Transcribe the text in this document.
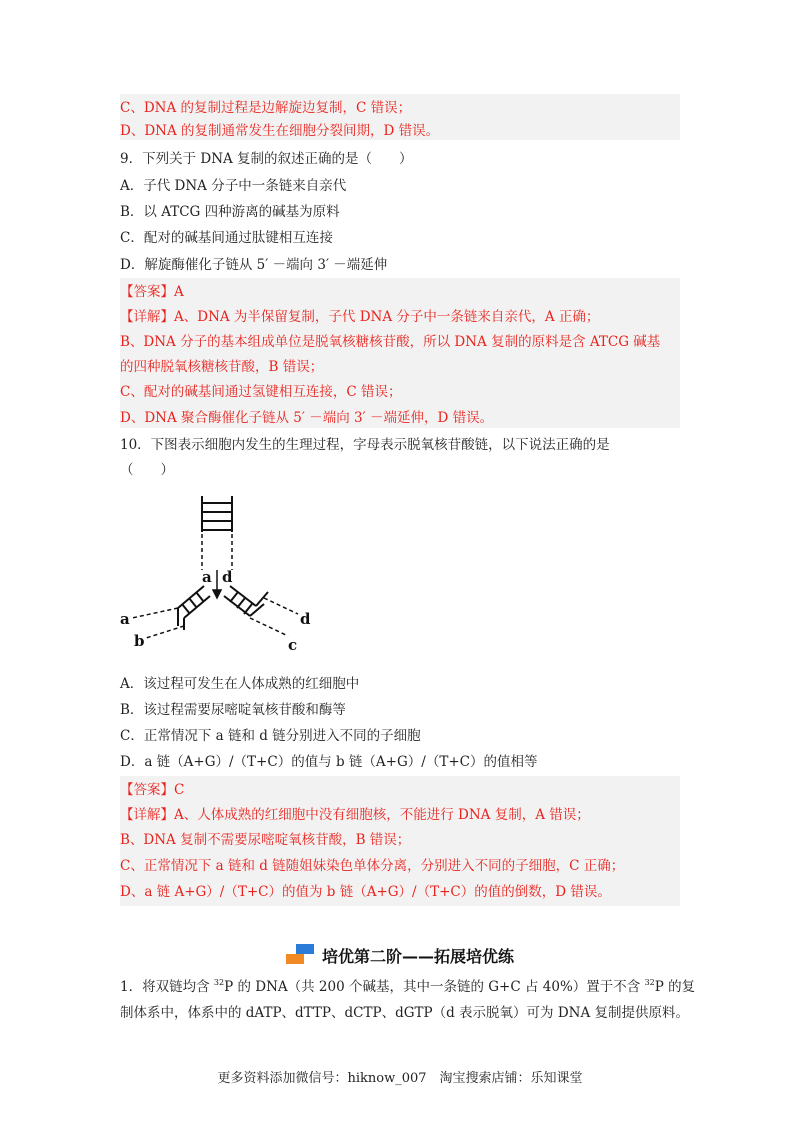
C、DNA 的复制过程是边解旋边复制，C 错误；
D、DNA 的复制通常发生在细胞分裂间期，D 错误。
9．下列关于 DNA 复制的叙述正确的是（　　）
A．子代 DNA 分子中一条链来自亲代
B．以 ATCG 四种游离的碱基为原料
C．配对的碱基间通过肽键相互连接
D．解旋酶催化子链从 5′ －端向 3′ －端延伸
【答案】A
【详解】A、DNA 为半保留复制，子代 DNA 分子中一条链来自亲代，A 正确；
B、DNA 分子的基本组成单位是脱氧核糖核苷酸，所以 DNA 复制的原料是含 ATCG 碱基
的四种脱氧核糖核苷酸，B 错误；
C、配对的碱基间通过氢键相互连接，C 错误；
D、DNA 聚合酶催化子链从 5′ －端向 3′ －端延伸，D 错误。
10．下图表示细胞内发生的生理过程，字母表示脱氧核苷酸链，以下说法正确的是
（　　）
a d
a
b
d
c
A．该过程可发生在人体成熟的红细胞中
B．该过程需要尿嘧啶氧核苷酸和酶等
C．正常情况下 a 链和 d 链分别进入不同的子细胞
D．a 链（A+G）/（T+C）的值与 b 链（A+G）/（T+C）的值相等
【答案】C
【详解】A、人体成熟的红细胞中没有细胞核，不能进行 DNA 复制，A 错误；
B、DNA 复制不需要尿嘧啶氧核苷酸，B 错误；
C、正常情况下 a 链和 d 链随姐妹染色单体分离，分别进入不同的子细胞，C 正确；
D、a 链 A+G）/（T+C）的值为 b 链（A+G）/（T+C）的值的倒数，D 错误。
培优第二阶——拓展培优练
1．将双链均含 $^{32}$P 的 DNA（共 200 个碱基，其中一条链的 G+C 占 40%）置于不含 $^{32}$P 的复
制体系中，体系中的 dATP、dTTP、dCTP、dGTP（d 表示脱氧）可为 DNA 复制提供原料。
更多资料添加微信号：hiknow_007　淘宝搜索店铺：乐知课堂
